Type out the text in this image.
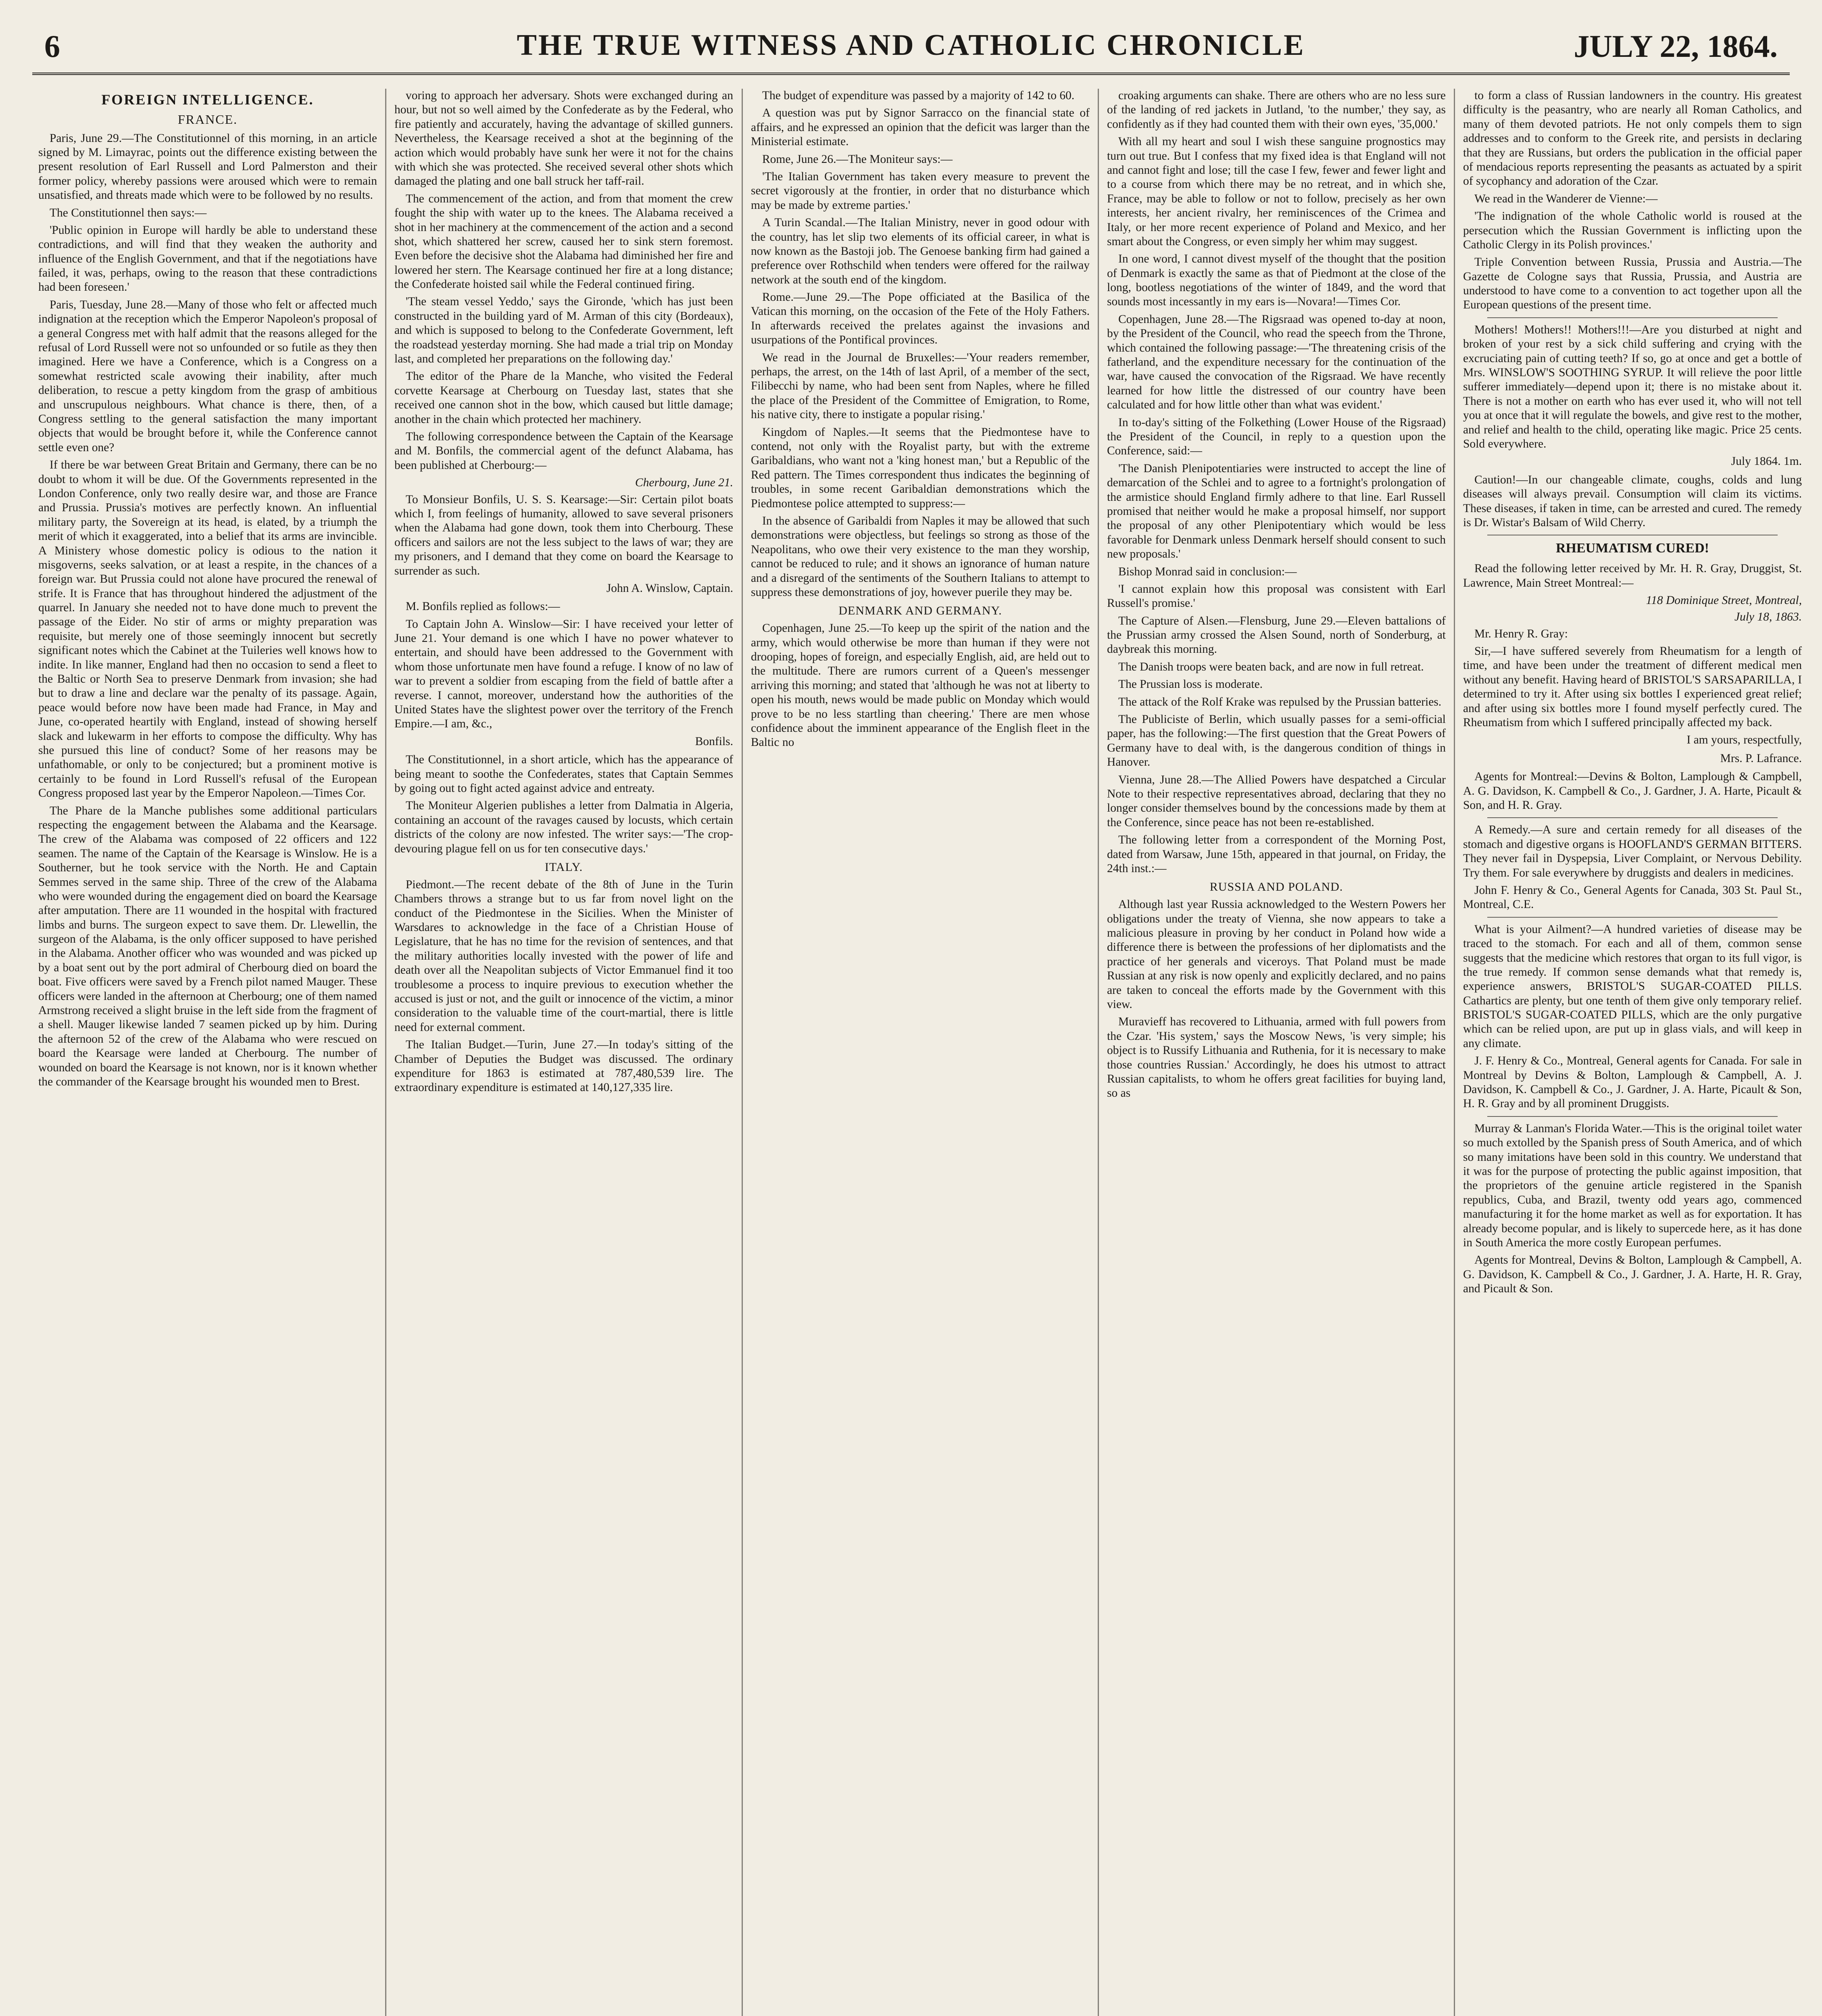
6	THE TRUE WITNESS AND CATHOLIC CHRONICLE	JULY 22, 1864.
FOREIGN INTELLIGENCE.
FRANCE.

Paris, June 29.—The Constitutionnel of this morning, in an article signed by M. Limayrac, points out the difference existing between the present resolution of Earl Russell and Lord Palmerston and their former policy, whereby passions were aroused which were to remain unsatisfied, and threats made which were to be followed by no results.

The Constitutionnel then says:—

'Public opinion in Europe will hardly be able to understand these contradictions, and will find that they weaken the authority and influence of the English Government, and that if the negotiations have failed, it was, perhaps, owing to the reason that these contradictions had been foreseen.'

Paris, Tuesday, June 28.—Many of those who felt or affected much indignation at the reception which the Emperor Napoleon's proposal of a general Congress met with half admit that the reasons alleged for the refusal of Lord Russell were not so unfounded or so futile as they then imagined. Here we have a Conference, which is a Congress on a somewhat restricted scale avowing their inability, after much deliberation, to rescue a petty kingdom from the grasp of ambitious and unscrupulous neighbours. What chance is there, then, of a Congress settling to the general satisfaction the many important objects that would be brought before it, while the Conference cannot settle even one?

If there be war between Great Britain and Germany, there can be no doubt to whom it will be due. Of the Governments represented in the London Conference, only two really desire war, and those are France and Prussia. Prussia's motives are perfectly known. An influential military party, the Sovereign at its head, is elated, by a triumph the merit of which it exaggerated, into a belief that its arms are invincible. A Ministery whose domestic policy is odious to the nation it misgoverns, seeks salvation, or at least a respite, in the chances of a foreign war. But Prussia could not alone have procured the renewal of strife. It is France that has throughout hindered the adjustment of the quarrel. In January she needed not to have done much to prevent the passage of the Eider. No stir of arms or mighty preparation was requisite, but merely one of those seemingly innocent but secretly significant notes which the Cabinet at the Tuileries well knows how to indite. In like manner, England had then no occasion to send a fleet to the Baltic or North Sea to preserve Denmark from invasion; she had but to draw a line and declare war the penalty of its passage. Again, peace would before now have been made had France, in May and June, co-operated heartily with England, instead of showing herself slack and lukewarm in her efforts to compose the difficulty. Why has she pursued this line of conduct? Some of her reasons may be unfathomable, or only to be conjectured; but a prominent motive is certainly to be found in Lord Russell's refusal of the European Congress proposed last year by the Emperor Napoleon.—Times Cor.

The Phare de la Manche publishes some additional particulars respecting the engagement between the Alabama and the Kearsage. The crew of the Alabama was composed of 22 officers and 122 seamen. The name of the Captain of the Kearsage is Winslow. He is a Southerner, but he took service with the North. He and Captain Semmes served in the same ship. Three of the crew of the Alabama who were wounded during the engagement died on board the Kearsage after amputation. There are 11 wounded in the hospital with fractured limbs and burns. The surgeon expect to save them. Dr. Llewellin, the surgeon of the Alabama, is the only officer supposed to have perished in the Alabama. Another officer who was wounded and was picked up by a boat sent out by the port admiral of Cherbourg died on board the boat. Five officers were saved by a French pilot named Mauger. These officers were landed in the afternoon at Cherbourg; one of them named Armstrong received a slight bruise in the left side from the fragment of a shell. Mauger likewise landed 7 seamen picked up by him. During the afternoon 52 of the crew of the Alabama who were rescued on board the Kearsage were landed at Cherbourg. The number of wounded on board the Kearsage is not known, nor is it known whether the commander of the Kearsage brought his wounded men to Brest.

voring to approach her adversary. Shots were exchanged during an hour, but not so well aimed by the Confederate as by the Federal, who fire patiently and accurately, having the advantage of skilled gunners. Nevertheless, the Kearsage received a shot at the beginning of the action which would probably have sunk her were it not for the chains with which she was protected. She received several other shots which damaged the plating and one ball struck her taff-rail.

The commencement of the action, and from that moment the crew fought the ship with water up to the knees. The Alabama received a shot in her machinery at the commencement of the action and a second shot, which shattered her screw, caused her to sink stern foremost. Even before the decisive shot the Alabama had diminished her fire and lowered her stern. The Kearsage continued her fire at a long distance; the Confederate hoisted sail while the Federal continued firing.

'The steam vessel Yeddo,' says the Gironde, 'which has just been constructed in the building yard of M. Arman of this city (Bordeaux), and which is supposed to belong to the Confederate Government, left the roadstead yesterday morning. She had made a trial trip on Monday last, and completed her preparations on the following day.'

The editor of the Phare de la Manche, who visited the Federal corvette Kearsage at Cherbourg on Tuesday last, states that she received one cannon shot in the bow, which caused but little damage; another in the chain which protected her machinery.

The following correspondence between the Captain of the Kearsage and M. Bonfils, the commercial agent of the defunct Alabama, has been published at Cherbourg:—

Cherbourg, June 21.

To Monsieur Bonfils, U. S. S. Kearsage:—Sir: Certain pilot boats which I, from feelings of humanity, allowed to save several prisoners when the Alabama had gone down, took them into Cherbourg. These officers and sailors are not the less subject to the laws of war; they are my prisoners, and I demand that they come on board the Kearsage to surrender as such.

John A. Winslow, Captain.

M. Bonfils replied as follows:—

To Captain John A. Winslow—Sir: I have received your letter of June 21. Your demand is one which I have no power whatever to entertain, and should have been addressed to the Government with whom those unfortunate men have found a refuge. I know of no law of war to prevent a soldier from escaping from the field of battle after a reverse. I cannot, moreover, understand how the authorities of the United States have the slightest power over the territory of the French Empire.—I am, &c.,

Bonfils.

The Constitutionnel, in a short article, which has the appearance of being meant to soothe the Confederates, states that Captain Semmes by going out to fight acted against advice and entreaty.

The Moniteur Algerien publishes a letter from Dalmatia in Algeria, containing an account of the ravages caused by locusts, which certain districts of the colony are now infested. The writer says:—'The crop-devouring plague fell on us for ten consecutive days.'

ITALY.

Piedmont.—The recent debate of the 8th of June in the Turin Chambers throws a strange but to us far from novel light on the conduct of the Piedmontese in the Sicilies. When the Minister of Warsdares to acknowledge in the face of a Christian House of Legislature, that he has no time for the revision of sentences, and that the military authorities locally invested with the power of life and death over all the Neapolitan subjects of Victor Emmanuel find it too troublesome a process to inquire previous to execution whether the accused is just or not, and the guilt or innocence of the victim, a minor consideration to the valuable time of the court-martial, there is little need for external comment.

The Italian Budget.—Turin, June 27.—In today's sitting of the Chamber of Deputies the Budget was discussed. The ordinary expenditure for 1863 is estimated at 787,480,539 lire. The extraordinary expenditure is estimated at 140,127,335 lire.

The budget of expenditure was passed by a majority of 142 to 60.

A question was put by Signor Sarracco on the financial state of affairs, and he expressed an opinion that the deficit was larger than the Ministerial estimate.

Rome, June 26.—The Moniteur says:—

'The Italian Government has taken every measure to prevent the secret vigorously at the frontier, in order that no disturbance which may be made by extreme parties.'

A Turin Scandal.—The Italian Ministry, never in good odour with the country, has let slip two elements of its official career, in what is now known as the Bastoji job. The Genoese banking firm had gained a preference over Rothschild when tenders were offered for the railway network at the south end of the kingdom.

Rome.—June 29.—The Pope officiated at the Basilica of the Vatican this morning, on the occasion of the Fete of the Holy Fathers. In afterwards received the prelates against the invasions and usurpations of the Pontifical provinces.

We read in the Journal de Bruxelles:—'Your readers remember, perhaps, the arrest, on the 14th of last April, of a member of the sect, Filibecchi by name, who had been sent from Naples, where he filled the place of the President of the Committee of Emigration, to Rome, his native city, there to instigate a popular rising.'

Kingdom of Naples.—It seems that the Piedmontese have to contend, not only with the Royalist party, but with the extreme Garibaldians, who want not a 'king honest man,' but a Republic of the Red pattern. The Times correspondent thus indicates the beginning of troubles, in some recent Garibaldian demonstrations which the Piedmontese police attempted to suppress:—

In the absence of Garibaldi from Naples it may be allowed that such demonstrations were objectless, but feelings so strong as those of the Neapolitans, who owe their very existence to the man they worship, cannot be reduced to rule; and it shows an ignorance of human nature and a disregard of the sentiments of the Southern Italians to attempt to suppress these demonstrations of joy, however puerile they may be.

DENMARK AND GERMANY.

Copenhagen, June 25.—To keep up the spirit of the nation and the army, which would otherwise be more than human if they were not drooping, hopes of foreign, and especially English, aid, are held out to the multitude. There are rumors current of a Queen's messenger arriving this morning; and stated that 'although he was not at liberty to open his mouth, news would be made public on Monday which would prove to be no less startling than cheering.' There are men whose confidence about the imminent appearance of the English fleet in the Baltic no

croaking arguments can shake. There are others who are no less sure of the landing of red jackets in Jutland, 'to the number,' they say, as confidently as if they had counted them with their own eyes, '35,000.'

With all my heart and soul I wish these sanguine prognostics may turn out true. But I confess that my fixed idea is that England will not and cannot fight and lose; till the case I few, fewer and fewer light and to a course from which there may be no retreat, and in which she, France, may be able to follow or not to follow, precisely as her own interests, her ancient rivalry, her reminiscences of the Crimea and Italy, or her more recent experience of Poland and Mexico, and her smart about the Congress, or even simply her whim may suggest.

In one word, I cannot divest myself of the thought that the position of Denmark is exactly the same as that of Piedmont at the close of the long, bootless negotiations of the winter of 1849, and the word that sounds most incessantly in my ears is—Novara!—Times Cor.

Copenhagen, June 28.—The Rigsraad was opened to-day at noon, by the President of the Council, who read the speech from the Throne, which contained the following passage:—'The threatening crisis of the fatherland, and the expenditure necessary for the continuation of the war, have caused the convocation of the Rigsraad. We have recently learned for how little the distressed of our country have been calculated and for how little other than what was evident.'

In to-day's sitting of the Folkething (Lower House of the Rigsraad) the President of the Council, in reply to a question upon the Conference, said:—

'The Danish Plenipotentiaries were instructed to accept the line of demarcation of the Schlei and to agree to a fortnight's prolongation of the armistice should England firmly adhere to that line. Earl Russell promised that neither would he make a proposal himself, nor support the proposal of any other Plenipotentiary which would be less favorable for Denmark unless Denmark herself should consent to such new proposals.'

Bishop Monrad said in conclusion:—

'I cannot explain how this proposal was consistent with Earl Russell's promise.'

The Capture of Alsen.—Flensburg, June 29.—Eleven battalions of the Prussian army crossed the Alsen Sound, north of Sonderburg, at daybreak this morning.

The Danish troops were beaten back, and are now in full retreat.

The Prussian loss is moderate.

The attack of the Rolf Krake was repulsed by the Prussian batteries.

The Publiciste of Berlin, which usually passes for a semi-official paper, has the following:—The first question that the Great Powers of Germany have to deal with, is the dangerous condition of things in Hanover.

Vienna, June 28.—The Allied Powers have despatched a Circular Note to their respective representatives abroad, declaring that they no longer consider themselves bound by the concessions made by them at the Conference, since peace has not been re-established.

The following letter from a correspondent of the Morning Post, dated from Warsaw, June 15th, appeared in that journal, on Friday, the 24th inst.:—

RUSSIA AND POLAND.

Although last year Russia acknowledged to the Western Powers her obligations under the treaty of Vienna, she now appears to take a malicious pleasure in proving by her conduct in Poland how wide a difference there is between the professions of her diplomatists and the practice of her generals and viceroys. That Poland must be made Russian at any risk is now openly and explicitly declared, and no pains are taken to conceal the efforts made by the Government with this view.

Muravieff has recovered to Lithuania, armed with full powers from the Czar. 'His system,' says the Moscow News, 'is very simple; his object is to Russify Lithuania and Ruthenia, for it is necessary to make those countries Russian.' Accordingly, he does his utmost to attract Russian capitalists, to whom he offers great facilities for buying land, so as

to form a class of Russian landowners in the country. His greatest difficulty is the peasantry, who are nearly all Roman Catholics, and many of them devoted patriots. He not only compels them to sign addresses and to conform to the Greek rite, and persists in declaring that they are Russians, but orders the publication in the official paper of mendacious reports representing the peasants as actuated by a spirit of sycophancy and adoration of the Czar.

We read in the Wanderer de Vienne:—

'The indignation of the whole Catholic world is roused at the persecution which the Russian Government is inflicting upon the Catholic Clergy in its Polish provinces.'

Triple Convention between Russia, Prussia and Austria.—The Gazette de Cologne says that Russia, Prussia, and Austria are understood to have come to a convention to act together upon all the European questions of the present time.

Mothers! Mothers!! Mothers!!!—Are you disturbed at night and broken of your rest by a sick child suffering and crying with the excruciating pain of cutting teeth? If so, go at once and get a bottle of Mrs. WINSLOW'S SOOTHING SYRUP. It will relieve the poor little sufferer immediately—depend upon it; there is no mistake about it. There is not a mother on earth who has ever used it, who will not tell you at once that it will regulate the bowels, and give rest to the mother, and relief and health to the child, operating like magic. Price 25 cents. Sold everywhere.

July 1864. 1m.

Caution!—In our changeable climate, coughs, colds and lung diseases will always prevail. Consumption will claim its victims. These diseases, if taken in time, can be arrested and cured. The remedy is Dr. Wistar's Balsam of Wild Cherry.

RHEUMATISM CURED!

Read the following letter received by Mr. H. R. Gray, Druggist, St. Lawrence, Main Street Montreal:—

118 Dominique Street, Montreal,
July 18, 1863.

Mr. Henry R. Gray:

Sir,—I have suffered severely from Rheumatism for a length of time, and have been under the treatment of different medical men without any benefit. Having heard of BRISTOL'S SARSAPARILLA, I determined to try it. After using six bottles I experienced great relief; and after using six bottles more I found myself perfectly cured. The Rheumatism from which I suffered principally affected my back.

I am yours, respectfully,
Mrs. P. Lafrance.

Agents for Montreal:—Devins & Bolton, Lamplough & Campbell, A. G. Davidson, K. Campbell & Co., J. Gardner, J. A. Harte, Picault & Son, and H. R. Gray.

A Remedy.—A sure and certain remedy for all diseases of the stomach and digestive organs is HOOFLAND'S GERMAN BITTERS. They never fail in Dyspepsia, Liver Complaint, or Nervous Debility. Try them. For sale everywhere by druggists and dealers in medicines.

John F. Henry & Co., General Agents for Canada, 303 St. Paul St., Montreal, C.E.

What is your Ailment?—A hundred varieties of disease may be traced to the stomach. For each and all of them, common sense suggests that the medicine which restores that organ to its full vigor, is the true remedy. If common sense demands what that remedy is, experience answers, BRISTOL'S SUGAR-COATED PILLS. Cathartics are plenty, but one tenth of them give only temporary relief. BRISTOL'S SUGAR-COATED PILLS, which are the only purgative which can be relied upon, are put up in glass vials, and will keep in any climate.

J. F. Henry & Co., Montreal, General agents for Canada. For sale in Montreal by Devins & Bolton, Lamplough & Campbell, A. J. Davidson, K. Campbell & Co., J. Gardner, J. A. Harte, Picault & Son, H. R. Gray and by all prominent Druggists.

Murray & Lanman's Florida Water.—This is the original toilet water so much extolled by the Spanish press of South America, and of which so many imitations have been sold in this country. We understand that it was for the purpose of protecting the public against imposition, that the proprietors of the genuine article registered in the Spanish republics, Cuba, and Brazil, twenty odd years ago, commenced manufacturing it for the home market as well as for exportation. It has already become popular, and is likely to supercede here, as it has done in South America the more costly European perfumes.

Agents for Montreal, Devins & Bolton, Lamplough & Campbell, A. G. Davidson, K. Campbell & Co., J. Gardner, J. A. Harte, H. R. Gray, and Picault & Son.
